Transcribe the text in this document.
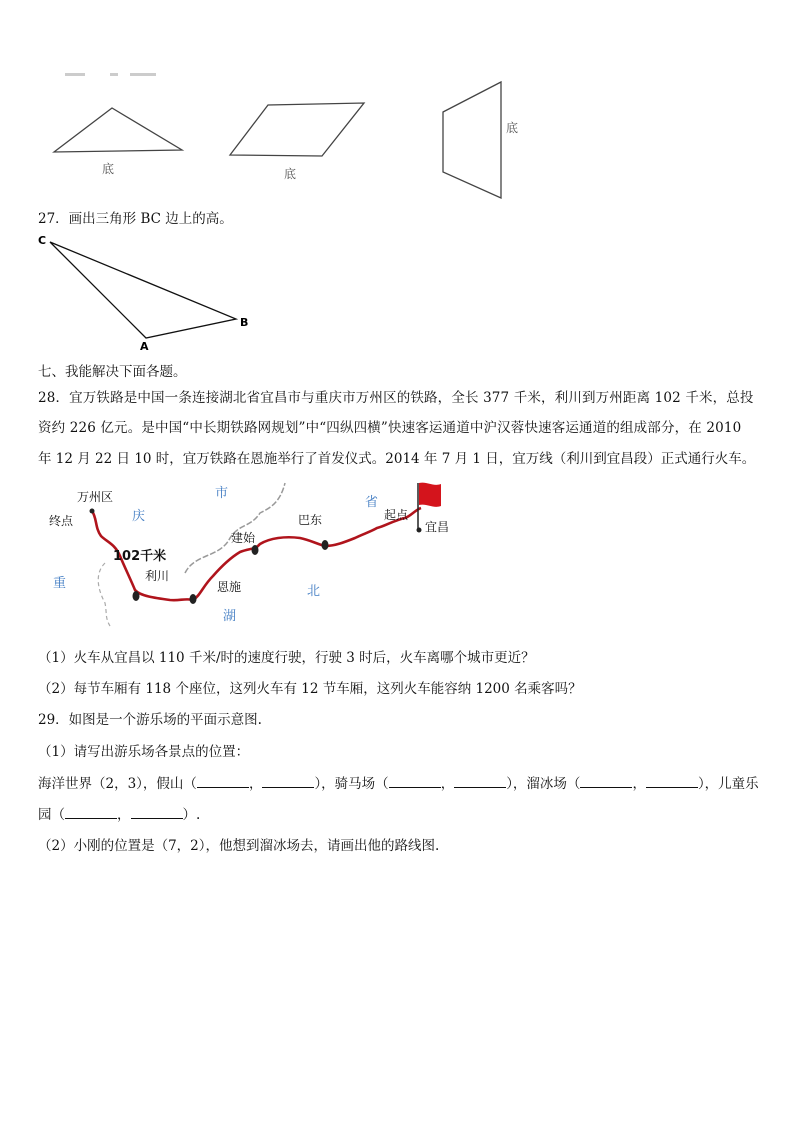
底	底
底
27．画出三角形 BC 边上的高。
C
B
A
七、我能解决下面各题。
28．宜万铁路是中国一条连接湖北省宜昌市与重庆市万州区的铁路，全长 377 千米，利川到万州距离 102 千米，总投
资约 226 亿元。是中国“中长期铁路网规划”中“四纵四横”快速客运通道中沪汉蓉快速客运通道的组成部分，在 2010
年 12 月 22 日 10 时，宜万铁路在恩施举行了首发仪式。2014 年 7 月 1 日，宜万线（利川到宜昌段）正式通行火车。
万州区
终点	庆
市
省
起点
宜昌
巴东
建始
102千米
利川
恩施
湖
北
重
（1）火车从宜昌以 110 千米/时的速度行驶，行驶 3 时后，火车离哪个城市更近？
（2）每节车厢有 118 个座位，这列火车有 12 节车厢，这列火车能容纳 1200 名乘客吗？
29．如图是一个游乐场的平面示意图.
（1）请写出游乐场各景点的位置：
海洋世界（2，3），假山（	，	），骑马场（	，	），溜冰场（	，	），儿童乐
园（	，	）.
（2）小刚的位置是（7，2），他想到溜冰场去，请画出他的路线图.
